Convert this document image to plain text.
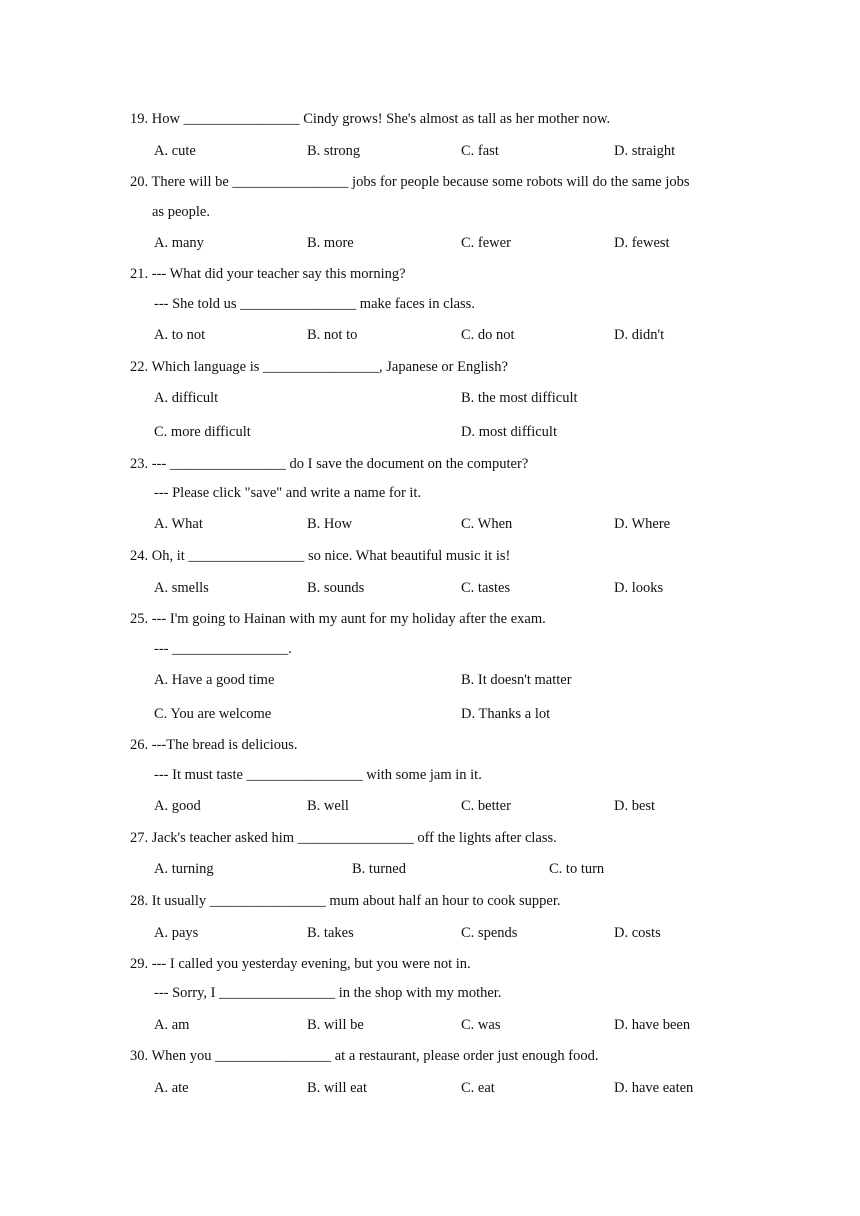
19. How ________________ Cindy grows! She's almost as tall as her mother now.
A. cute	B. strong	C. fast	D. straight
20. There will be ________________ jobs for people because some robots will do the same jobs
as people.
A. many	B. more	C. fewer	D. fewest
21. --- What did your teacher say this morning?
--- She told us ________________ make faces in class.
A. to not	B. not to	C. do not	D. didn't
22. Which language is ________________, Japanese or English?
A. difficult	B. the most difficult
C. more difficult	D. most difficult
23. --- ________________ do I save the document on the computer?
--- Please click "save" and write a name for it.
A. What	B. How	C. When	D. Where
24. Oh, it ________________ so nice. What beautiful music it is!
A. smells	B. sounds	C. tastes	D. looks
25. --- I'm going to Hainan with my aunt for my holiday after the exam.
--- ________________.
A. Have a good time	B. It doesn't matter
C. You are welcome	D. Thanks a lot
26. ---The bread is delicious.
--- It must taste ________________ with some jam in it.
A. good	B. well	C. better	D. best
27. Jack's teacher asked him ________________ off the lights after class.
A. turning	B. turned	C. to turn
28. It usually ________________ mum about half an hour to cook supper.
A. pays	B. takes	C. spends	D. costs
29. --- I called you yesterday evening, but you were not in.
--- Sorry, I ________________ in the shop with my mother.
A. am	B. will be	C. was	D. have been
30. When you ________________ at a restaurant, please order just enough food.
A. ate	B. will eat	C. eat	D. have eaten
